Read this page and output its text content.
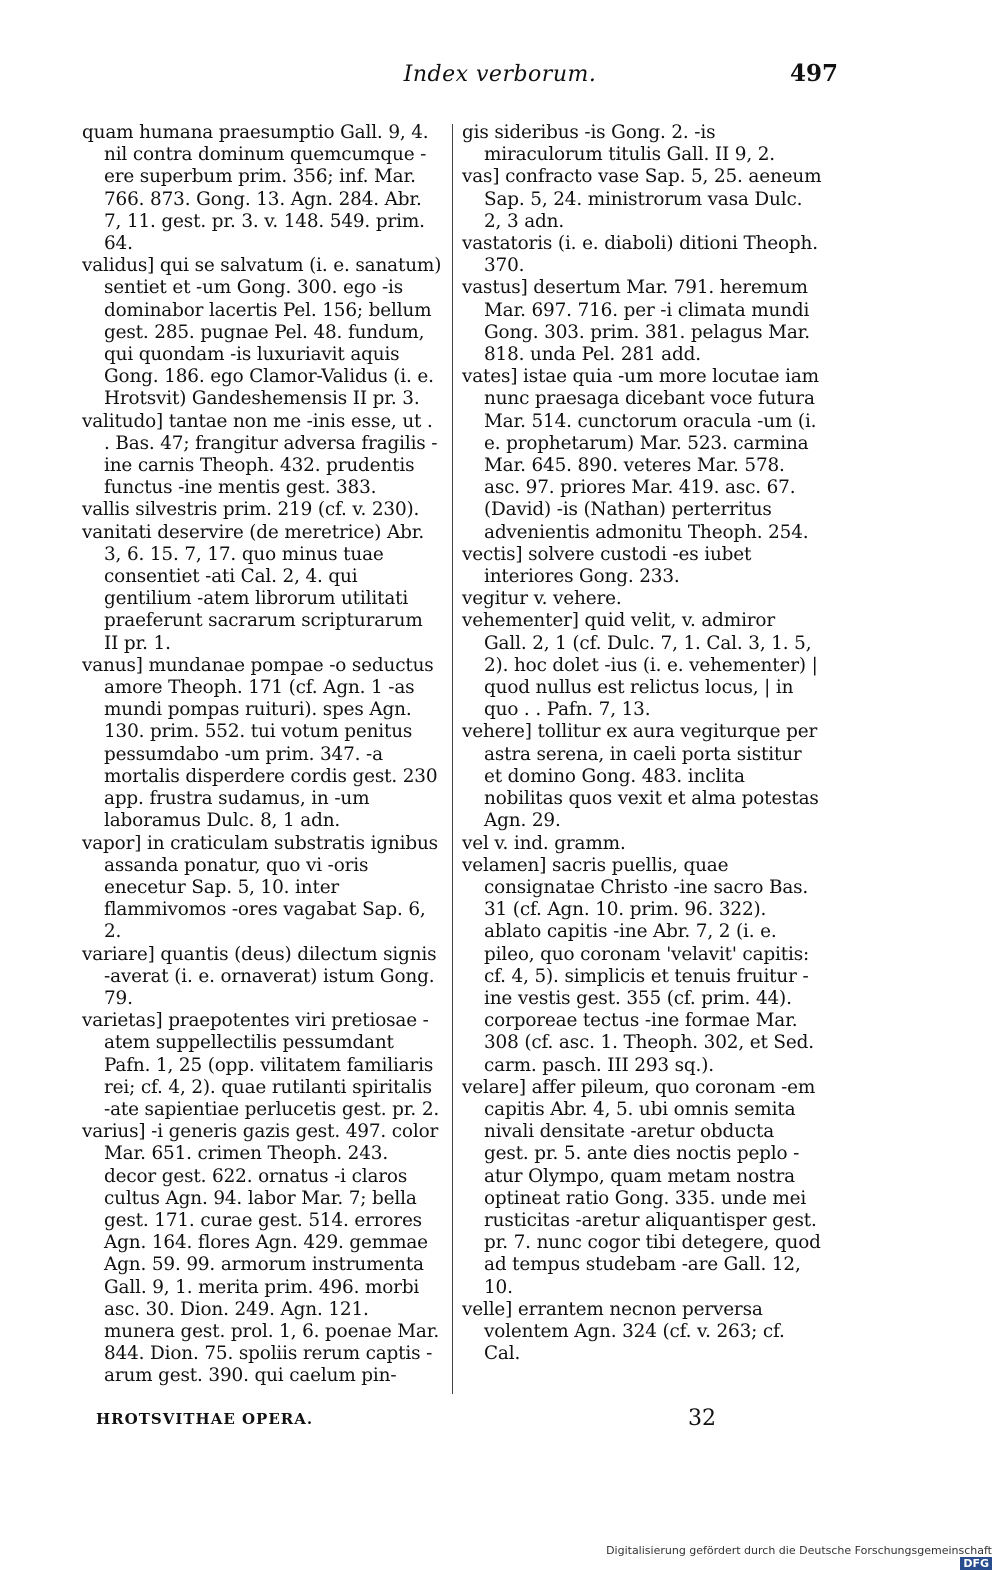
Index verborum.	497

quam humana praesumptio Gall. 9, 4. nil contra dominum quemcumque -ere superbum prim. 356; inf. Mar. 766. 873. Gong. 13. Agn. 284. Abr. 7, 11. gest. pr. 3. v. 148. 549. prim. 64.

validus] qui se salvatum (i. e. sanatum) sentiet et -um Gong. 300. ego -is dominabor lacertis Pel. 156; bellum gest. 285. pugnae Pel. 48. fundum, qui quondam -is luxuriavit aquis Gong. 186. ego Clamor-Validus (i. e. Hrotsvit) Gandeshemensis II pr. 3.

valitudo] tantae non me -inis esse, ut . . Bas. 47; frangitur adversa fragilis -ine carnis Theoph. 432. prudentis functus -ine mentis gest. 383.

vallis silvestris prim. 219 (cf. v. 230).

vanitati deservire (de meretrice) Abr. 3, 6. 15. 7, 17. quo minus tuae consentiet -ati Cal. 2, 4. qui gentilium -atem librorum utilitati praeferunt sacrarum scripturarum II pr. 1.

vanus] mundanae pompae -o seductus amore Theoph. 171 (cf. Agn. 1 -as mundi pompas ruituri). spes Agn. 130. prim. 552. tui votum penitus pessumdabo -um prim. 347. -a mortalis disperdere cordis gest. 230 app. frustra sudamus, in -um laboramus Dulc. 8, 1 adn.

vapor] in craticulam substratis ignibus assanda ponatur, quo vi -oris enecetur Sap. 5, 10. inter flammivomos -ores vagabat Sap. 6, 2.

variare] quantis (deus) dilectum signis -averat (i. e. ornaverat) istum Gong. 79.

varietas] praepotentes viri pretiosae -atem suppellectilis pessumdant Pafn. 1, 25 (opp. vilitatem familiaris rei; cf. 4, 2). quae rutilanti spiritalis -ate sapientiae perlucetis gest. pr. 2.

varius] -i generis gazis gest. 497. color Mar. 651. crimen Theoph. 243. decor gest. 622. ornatus -i claros cultus Agn. 94. labor Mar. 7; bella gest. 171. curae gest. 514. errores Agn. 164. flores Agn. 429. gemmae Agn. 59. 99. armorum instrumenta Gall. 9, 1. merita prim. 496. morbi asc. 30. Dion. 249. Agn. 121. munera gest. prol. 1, 6. poenae Mar. 844. Dion. 75. spoliis rerum captis -arum gest. 390. qui caelum pin-

gis sideribus -is Gong. 2. -is miraculorum titulis Gall. II 9, 2.

vas] confracto vase Sap. 5, 25. aeneum Sap. 5, 24. ministrorum vasa Dulc. 2, 3 adn.

vastatoris (i. e. diaboli) ditioni Theoph. 370.

vastus] desertum Mar. 791. heremum Mar. 697. 716. per -i climata mundi Gong. 303. prim. 381. pelagus Mar. 818. unda Pel. 281 add.

vates] istae quia -um more locutae iam nunc praesaga dicebant voce futura Mar. 514. cunctorum oracula -um (i. e. prophetarum) Mar. 523. carmina Mar. 645. 890. veteres Mar. 578. asc. 97. priores Mar. 419. asc. 67. (David) -is (Nathan) perterritus advenientis admonitu Theoph. 254.

vectis] solvere custodi -es iubet interiores Gong. 233.

vegitur v. vehere.

vehementer] quid velit, v. admiror Gall. 2, 1 (cf. Dulc. 7, 1. Cal. 3, 1. 5, 2). hoc dolet -ius (i. e. vehementer) | quod nullus est relictus locus, | in quo . . Pafn. 7, 13.

vehere] tollitur ex aura vegiturque per astra serena, in caeli porta sistitur et domino Gong. 483. inclita nobilitas quos vexit et alma potestas Agn. 29.

vel v. ind. gramm.

velamen] sacris puellis, quae consignatae Christo -ine sacro Bas. 31 (cf. Agn. 10. prim. 96. 322). ablato capitis -ine Abr. 7, 2 (i. e. pileo, quo coronam 'velavit' capitis: cf. 4, 5). simplicis et tenuis fruitur -ine vestis gest. 355 (cf. prim. 44). corporeae tectus -ine formae Mar. 308 (cf. asc. 1. Theoph. 302, et Sed. carm. pasch. III 293 sq.).

velare] affer pileum, quo coronam -em capitis Abr. 4, 5. ubi omnis semita nivali densitate -aretur obducta gest. pr. 5. ante dies noctis peplo -atur Olympo, quam metam nostra optineat ratio Gong. 335. unde mei rusticitas -aretur aliquantisper gest. pr. 7. nunc cogor tibi detegere, quod ad tempus studebam -are Gall. 12, 10.

velle] errantem necnon perversa volentem Agn. 324 (cf. v. 263; cf. Cal.

HROTSVITHAE OPERA.	32
Digitalisierung gefördert durch die Deutsche Forschungsgemeinschaft DFG
